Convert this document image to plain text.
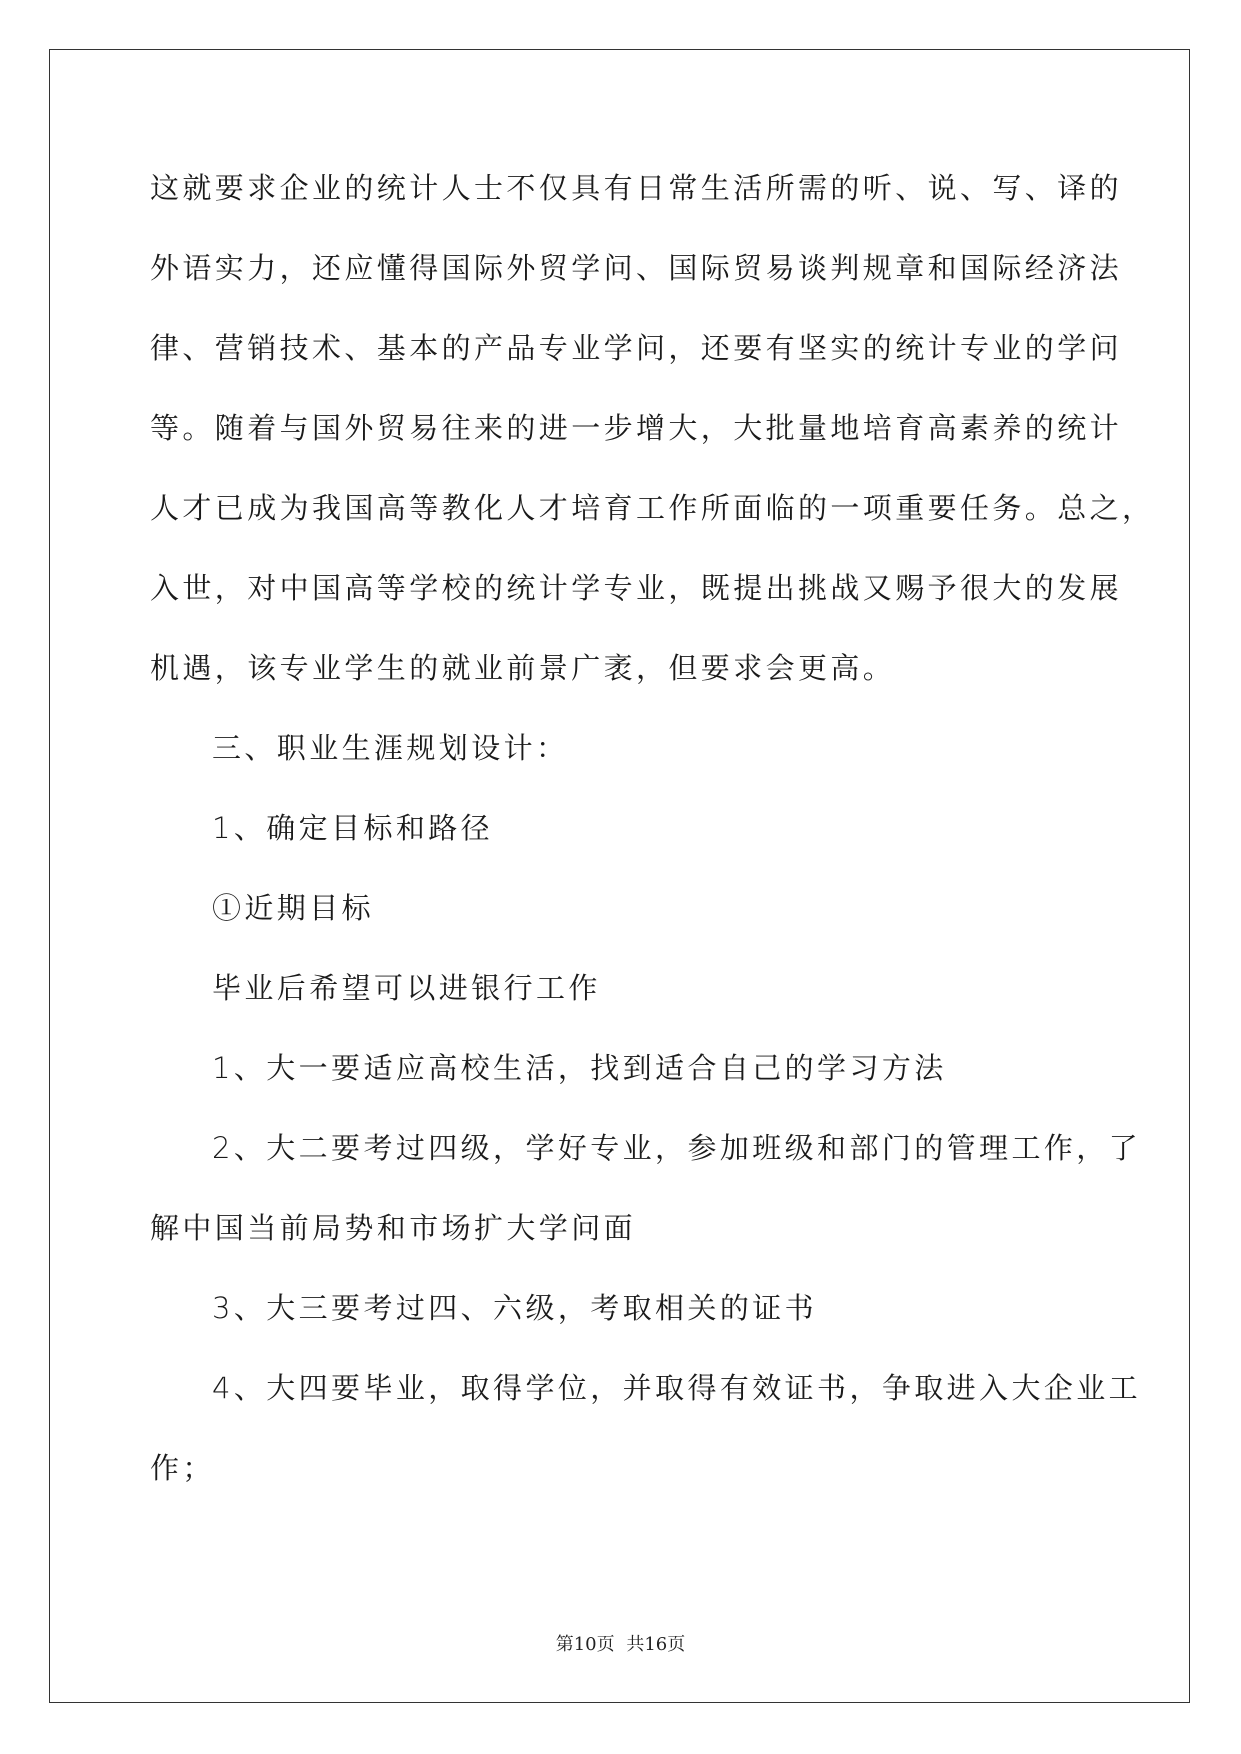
这就要求企业的统计人士不仅具有日常生活所需的听、说、写、译的
外语实力，还应懂得国际外贸学问、国际贸易谈判规章和国际经济法
律、营销技术、基本的产品专业学问，还要有坚实的统计专业的学问
等。随着与国外贸易往来的进一步增大，大批量地培育高素养的统计
人才已成为我国高等教化人才培育工作所面临的一项重要任务。总之，
入世，对中国高等学校的统计学专业，既提出挑战又赐予很大的发展
机遇，该专业学生的就业前景广袤，但要求会更高。
三、职业生涯规划设计：
1、确定目标和路径
①近期目标
毕业后希望可以进银行工作
1、大一要适应高校生活，找到适合自己的学习方法
2、大二要考过四级，学好专业，参加班级和部门的管理工作，了
解中国当前局势和市场扩大学问面
3、大三要考过四、六级，考取相关的证书
4、大四要毕业，取得学位，并取得有效证书，争取进入大企业工
作；
第10页 共16页
